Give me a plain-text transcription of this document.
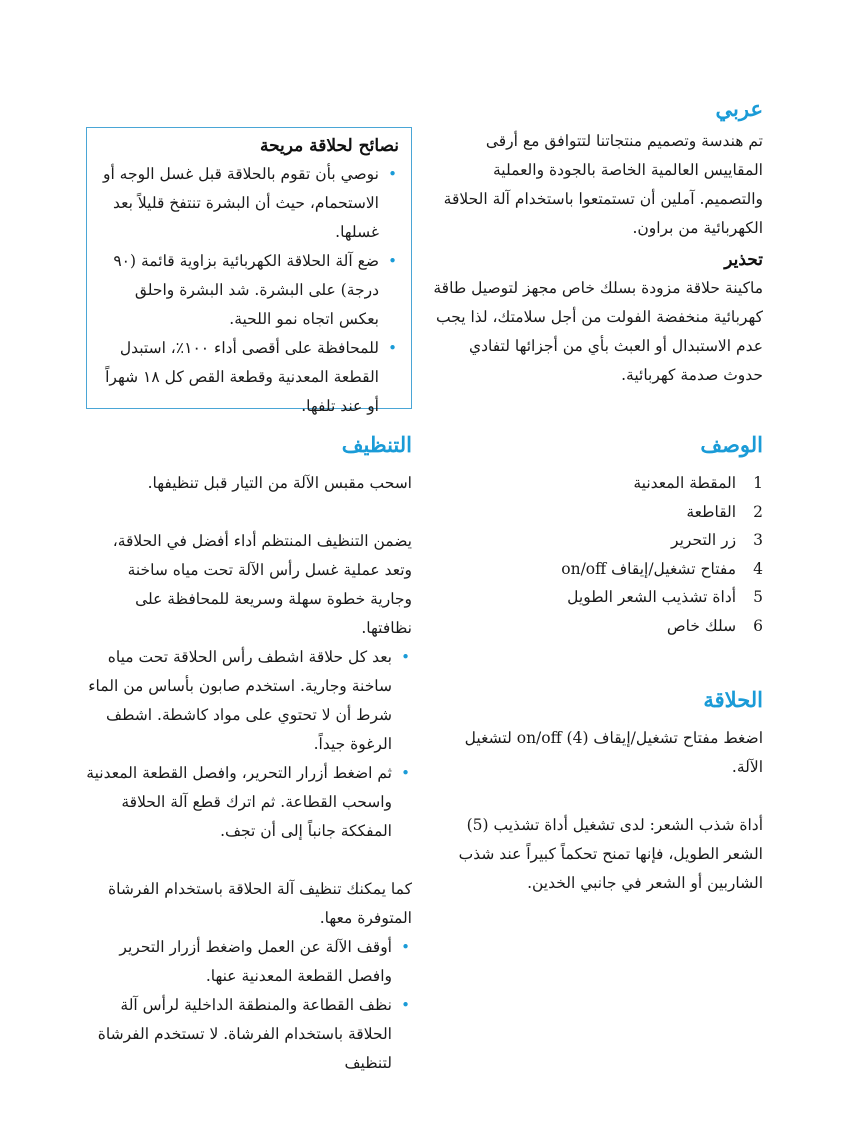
عربي

تم هندسة وتصميم منتجاتنا لتتوافق مع أرقى المقاييس العالمية الخاصة بالجودة والعملية والتصميم. آملين أن تستمتعوا باستخدام آلة الحلاقة الكهربائية من براون.

تحذير

ماكينة حلاقة مزودة بسلك خاص مجهز لتوصيل طاقة كهربائية منخفضة الفولت من أجل سلامتك، لذا يجب عدم الاستبدال أو العبث بأي من أجزائها لتفادي حدوث صدمة كهربائية.

الوصف
1 المقطة المعدنية
2 القاطعة
3 زر التحرير
4 مفتاح تشغيل/إيقاف on/off
5 أداة تشذيب الشعر الطويل
6 سلك خاص
الحلاقة

اضغط مفتاح تشغيل/إيقاف on/off (4) لتشغيل الآلة.

أداة شذب الشعر: لدى تشغيل أداة تشذيب (5) الشعر الطويل، فإنها تمنح تحكماً كبيراً عند شذب الشاربين أو الشعر في جانبي الخدين.

نصائح لحلاقة مريحة
• نوصي بأن تقوم بالحلاقة قبل غسل الوجه أو الاستحمام، حيث أن البشرة تنتفخ قليلاً بعد غسلها.
• ضع آلة الحلاقة الكهربائية بزاوية قائمة (٩٠ درجة) على البشرة. شد البشرة واحلق بعكس اتجاه نمو اللحية.
• للمحافظة على أقصى أداء ١٠٠٪، استبدل القطعة المعدنية وقطعة القص كل ١٨ شهراً أو عند تلفها.
التنظيف

اسحب مقبس الآلة من التيار قبل تنظيفها.

يضمن التنظيف المنتظم أداء أفضل في الحلاقة، وتعد عملية غسل رأس الآلة تحت مياه ساخنة وجارية خطوة سهلة وسريعة للمحافظة على نظافتها.

• بعد كل حلاقة اشطف رأس الحلاقة تحت مياه ساخنة وجارية. استخدم صابون بأساس من الماء شرط أن لا تحتوي على مواد كاشطة. اشطف الرغوة جيداً.
• ثم اضغط أزرار التحرير، وافصل القطعة المعدنية واسحب القطاعة. ثم اترك قطع آلة الحلاقة المفككة جانباً إلى أن تجف.

كما يمكنك تنظيف آلة الحلاقة باستخدام الفرشاة المتوفرة معها.

• أوقف الآلة عن العمل واضغط أزرار التحرير وافصل القطعة المعدنية عنها.
• نظف القطاعة والمنطقة الداخلية لرأس آلة الحلاقة باستخدام الفرشاة. لا تستخدم الفرشاة لتنظيف
